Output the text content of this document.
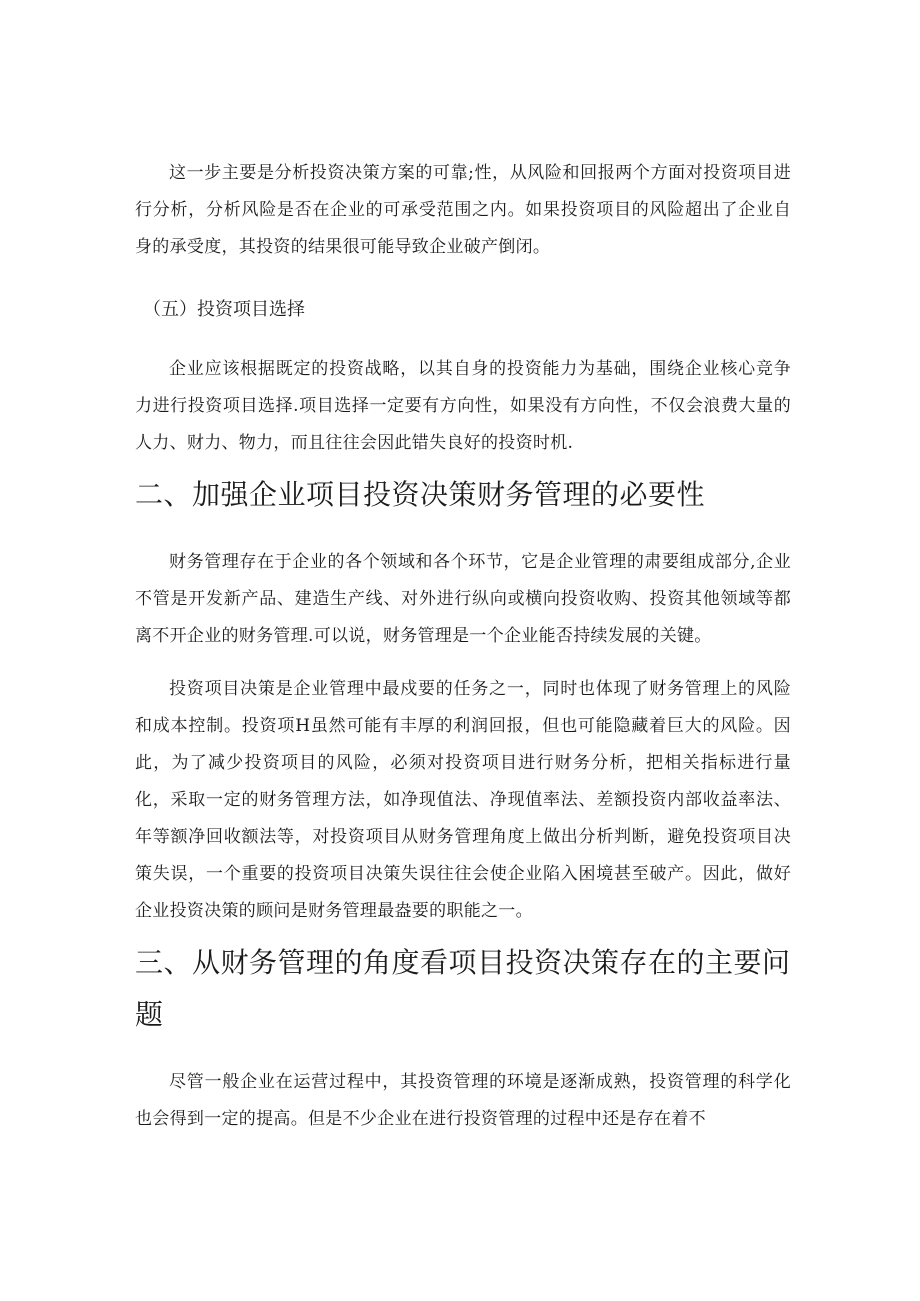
这一步主要是分析投资决策方案的可靠;性，从风险和回报两个方面对投资项目进行分析，分析风险是否在企业的可承受范围之内。如果投资项目的风险超出了企业自身的承受度，其投资的结果很可能导致企业破产倒闭。

（五）投资项目选择

企业应该根据既定的投资战略，以其自身的投资能力为基础，围绕企业核心竞争力进行投资项目选择.项目选择一定要有方向性，如果没有方向性，不仅会浪费大量的人力、财力、物力，而且往往会因此错失良好的投资时机.

二、加强企业项目投资决策财务管理的必要性

财务管理存在于企业的各个领域和各个环节，它是企业管理的肃要组成部分,企业不管是开发新产品、建造生产线、对外进行纵向或横向投资收购、投资其他领域等都离不开企业的财务管理.可以说，财务管理是一个企业能否持续发展的关键。

投资项目决策是企业管理中最戍要的任务之一，同时也体现了财务管理上的风险和成本控制。投资项H虽然可能有丰厚的利润回报，但也可能隐藏着巨大的风险。因此，为了减少投资项目的风险，必须对投资项目进行财务分析，把相关指标进行量化，采取一定的财务管理方法，如净现值法、净现值率法、差额投资内部收益率法、年等额净回收额法等，对投资项目从财务管理角度上做出分析判断，避免投资项目决策失误，一个重要的投资项目决策失误往往会使企业陷入困境甚至破产。因此，做好企业投资决策的顾问是财务管理最盎要的职能之一。

三、从财务管理的角度看项目投资决策存在的主要问题

尽管一般企业在运营过程中，其投资管理的环境是逐渐成熟，投资管理的科学化也会得到一定的提高。但是不少企业在进行投资管理的过程中还是存在着不
